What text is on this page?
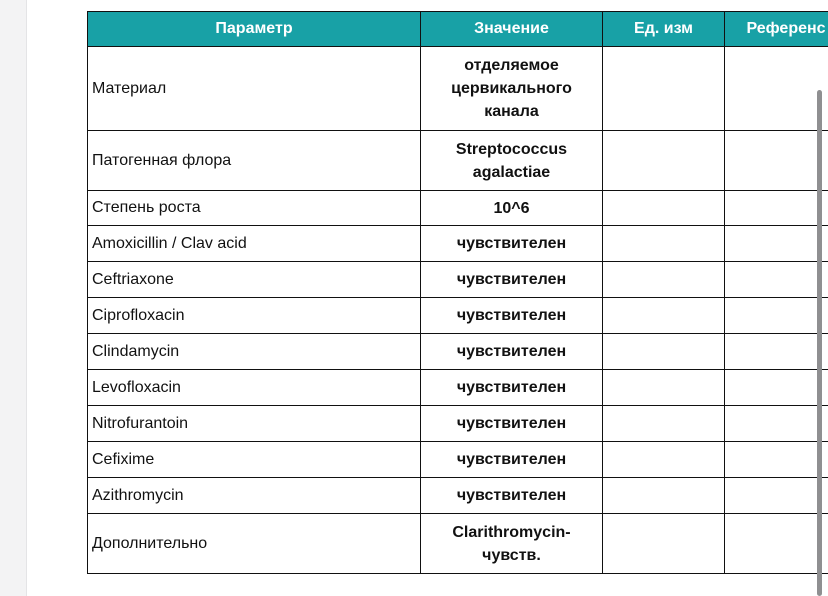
Параметр	Значение	Ед. изм	Референс
Материал	отделяемое цервикального канала		
Патогенная флора	Streptococcus agalactiae		
Степень роста	10^6		
Amoxicillin / Clav acid	чувствителен		
Ceftriaxone	чувствителен		
Ciprofloxacin	чувствителен		
Clindamycin	чувствителен		
Levofloxacin	чувствителен		
Nitrofurantoin	чувствителен		
Cefixime	чувствителен		
Azithromycin	чувствителен		
Дополнительно	Clarithromycin-чувств.		
